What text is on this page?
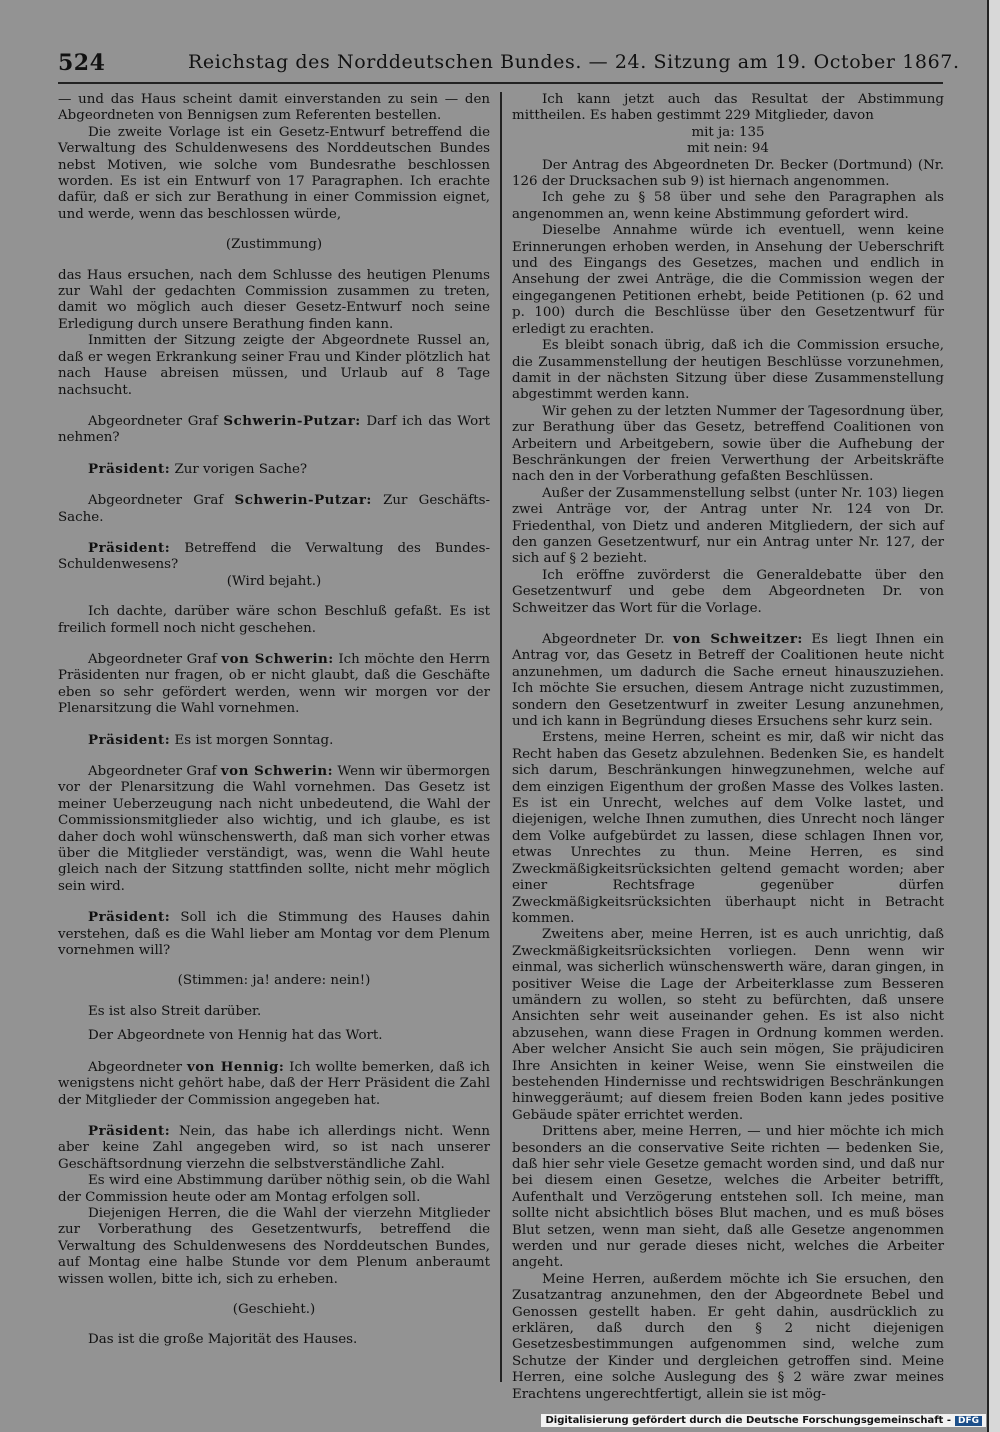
524	Reichstag des Norddeutschen Bundes. — 24. Sitzung am 19. October 1867.

— und das Haus scheint damit einverstanden zu sein — den Abgeordneten von Bennigsen zum Referenten bestellen.

Die zweite Vorlage ist ein Gesetz-Entwurf betreffend die Verwaltung des Schuldenwesens des Norddeutschen Bundes nebst Motiven, wie solche vom Bundesrathe beschlossen worden. Es ist ein Entwurf von 17 Paragraphen. Ich erachte dafür, daß er sich zur Berathung in einer Commission eignet, und werde, wenn das beschlossen würde,

(Zustimmung)

das Haus ersuchen, nach dem Schlusse des heutigen Plenums zur Wahl der gedachten Commission zusammen zu treten, damit wo möglich auch dieser Gesetz-Entwurf noch seine Erledigung durch unsere Berathung finden kann.

Inmitten der Sitzung zeigte der Abgeordnete Russel an, daß er wegen Erkrankung seiner Frau und Kinder plötzlich hat nach Hause abreisen müssen, und Urlaub auf 8 Tage nachsucht.

Abgeordneter Graf Schwerin-Putzar: Darf ich das Wort nehmen?

Präsident: Zur vorigen Sache?

Abgeordneter Graf Schwerin-Putzar: Zur Geschäfts-Sache.

Präsident: Betreffend die Verwaltung des Bundes-Schuldenwesens?

(Wird bejaht.)

Ich dachte, darüber wäre schon Beschluß gefaßt. Es ist freilich formell noch nicht geschehen.

Abgeordneter Graf von Schwerin: Ich möchte den Herrn Präsidenten nur fragen, ob er nicht glaubt, daß die Geschäfte eben so sehr gefördert werden, wenn wir morgen vor der Plenarsitzung die Wahl vornehmen.

Präsident: Es ist morgen Sonntag.

Abgeordneter Graf von Schwerin: Wenn wir übermorgen vor der Plenarsitzung die Wahl vornehmen. Das Gesetz ist meiner Ueberzeugung nach nicht unbedeutend, die Wahl der Commissionsmitglieder also wichtig, und ich glaube, es ist daher doch wohl wünschenswerth, daß man sich vorher etwas über die Mitglieder verständigt, was, wenn die Wahl heute gleich nach der Sitzung stattfinden sollte, nicht mehr möglich sein wird.

Präsident: Soll ich die Stimmung des Hauses dahin verstehen, daß es die Wahl lieber am Montag vor dem Plenum vornehmen will?

(Stimmen: ja! andere: nein!)

Es ist also Streit darüber.

Der Abgeordnete von Hennig hat das Wort.

Abgeordneter von Hennig: Ich wollte bemerken, daß ich wenigstens nicht gehört habe, daß der Herr Präsident die Zahl der Mitglieder der Commission angegeben hat.

Präsident: Nein, das habe ich allerdings nicht. Wenn aber keine Zahl angegeben wird, so ist nach unserer Geschäftsordnung vierzehn die selbstverständliche Zahl.

Es wird eine Abstimmung darüber nöthig sein, ob die Wahl der Commission heute oder am Montag erfolgen soll.

Diejenigen Herren, die die Wahl der vierzehn Mitglieder zur Vorberathung des Gesetzentwurfs, betreffend die Verwaltung des Schuldenwesens des Norddeutschen Bundes, auf Montag eine halbe Stunde vor dem Plenum anberaumt wissen wollen, bitte ich, sich zu erheben.

(Geschieht.)

Das ist die große Majorität des Hauses.

Ich kann jetzt auch das Resultat der Abstimmung mittheilen. Es haben gestimmt 229 Mitglieder, davon

mit ja: 135

mit nein: 94

Der Antrag des Abgeordneten Dr. Becker (Dortmund) (Nr. 126 der Drucksachen sub 9) ist hiernach angenommen.

Ich gehe zu § 58 über und sehe den Paragraphen als angenommen an, wenn keine Abstimmung gefordert wird.

Dieselbe Annahme würde ich eventuell, wenn keine Erinnerungen erhoben werden, in Ansehung der Ueberschrift und des Eingangs des Gesetzes, machen und endlich in Ansehung der zwei Anträge, die die Commission wegen der eingegangenen Petitionen erhebt, beide Petitionen (p. 62 und p. 100) durch die Beschlüsse über den Gesetzentwurf für erledigt zu erachten.

Es bleibt sonach übrig, daß ich die Commission ersuche, die Zusammenstellung der heutigen Beschlüsse vorzunehmen, damit in der nächsten Sitzung über diese Zusammenstellung abgestimmt werden kann.

Wir gehen zu der letzten Nummer der Tagesordnung über, zur Berathung über das Gesetz, betreffend Coalitionen von Arbeitern und Arbeitgebern, sowie über die Aufhebung der Beschränkungen der freien Verwerthung der Arbeitskräfte nach den in der Vorberathung gefaßten Beschlüssen.

Außer der Zusammenstellung selbst (unter Nr. 103) liegen zwei Anträge vor, der Antrag unter Nr. 124 von Dr. Friedenthal, von Dietz und anderen Mitgliedern, der sich auf den ganzen Gesetzentwurf, nur ein Antrag unter Nr. 127, der sich auf § 2 bezieht.

Ich eröffne zuvörderst die Generaldebatte über den Gesetzentwurf und gebe dem Abgeordneten Dr. von Schweitzer das Wort für die Vorlage.

Abgeordneter Dr. von Schweitzer: Es liegt Ihnen ein Antrag vor, das Gesetz in Betreff der Coalitionen heute nicht anzunehmen, um dadurch die Sache erneut hinauszuziehen. Ich möchte Sie ersuchen, diesem Antrage nicht zuzustimmen, sondern den Gesetzentwurf in zweiter Lesung anzunehmen, und ich kann in Begründung dieses Ersuchens sehr kurz sein.

Erstens, meine Herren, scheint es mir, daß wir nicht das Recht haben das Gesetz abzulehnen. Bedenken Sie, es handelt sich darum, Beschränkungen hinwegzunehmen, welche auf dem einzigen Eigenthum der großen Masse des Volkes lasten. Es ist ein Unrecht, welches auf dem Volke lastet, und diejenigen, welche Ihnen zumuthen, dies Unrecht noch länger dem Volke aufgebürdet zu lassen, diese schlagen Ihnen vor, etwas Unrechtes zu thun. Meine Herren, es sind Zweckmäßigkeitsrücksichten geltend gemacht worden; aber einer Rechtsfrage gegenüber dürfen Zweckmäßigkeitsrücksichten überhaupt nicht in Betracht kommen.

Zweitens aber, meine Herren, ist es auch unrichtig, daß Zweckmäßigkeitsrücksichten vorliegen. Denn wenn wir einmal, was sicherlich wünschenswerth wäre, daran gingen, in positiver Weise die Lage der Arbeiterklasse zum Besseren umändern zu wollen, so steht zu befürchten, daß unsere Ansichten sehr weit auseinander gehen. Es ist also nicht abzusehen, wann diese Fragen in Ordnung kommen werden. Aber welcher Ansicht Sie auch sein mögen, Sie präjudiciren Ihre Ansichten in keiner Weise, wenn Sie einstweilen die bestehenden Hindernisse und rechtswidrigen Beschränkungen hinweggeräumt; auf diesem freien Boden kann jedes positive Gebäude später errichtet werden.

Drittens aber, meine Herren, — und hier möchte ich mich besonders an die conservative Seite richten — bedenken Sie, daß hier sehr viele Gesetze gemacht worden sind, und daß nur bei diesem einen Gesetze, welches die Arbeiter betrifft, Aufenthalt und Verzögerung entstehen soll. Ich meine, man sollte nicht absichtlich böses Blut machen, und es muß böses Blut setzen, wenn man sieht, daß alle Gesetze angenommen werden und nur gerade dieses nicht, welches die Arbeiter angeht.

Meine Herren, außerdem möchte ich Sie ersuchen, den Zusatzantrag anzunehmen, den der Abgeordnete Bebel und Genossen gestellt haben. Er geht dahin, ausdrücklich zu erklären, daß durch den § 2 nicht diejenigen Gesetzesbestimmungen aufgenommen sind, welche zum Schutze der Kinder und dergleichen getroffen sind. Meine Herren, eine solche Auslegung des § 2 wäre zwar meines Erachtens ungerechtfertigt, allein sie ist mög-

Digitalisierung gefördert durch die Deutsche Forschungsgemeinschaft - DFG
